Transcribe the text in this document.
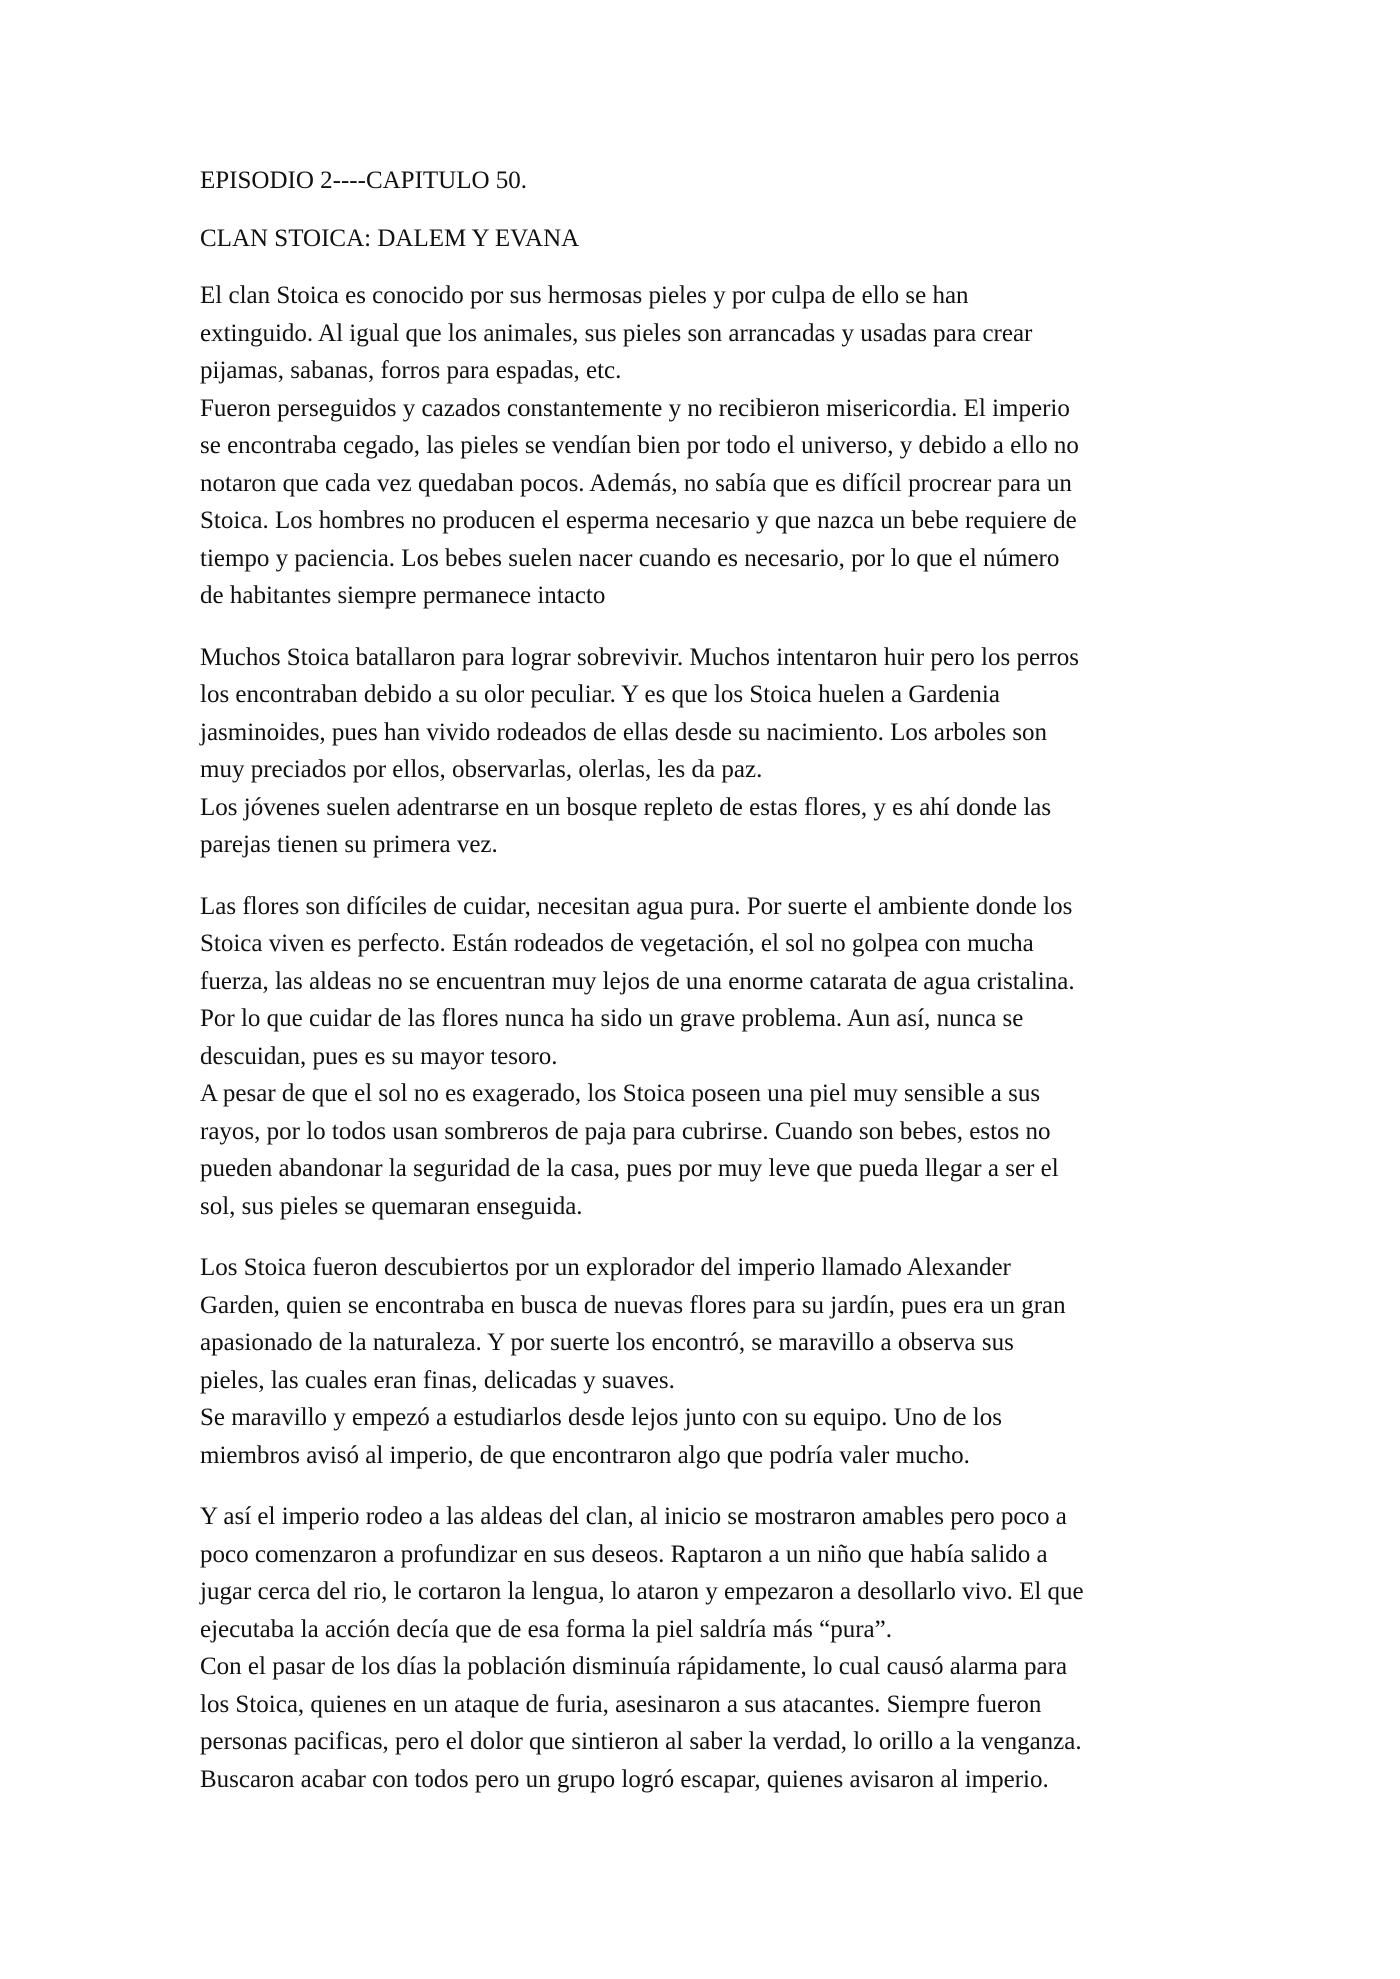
EPISODIO 2----CAPITULO 50.

CLAN STOICA: DALEM Y EVANA

El clan Stoica es conocido por sus hermosas pieles y por culpa de ello se han
extinguido. Al igual que los animales, sus pieles son arrancadas y usadas para crear
pijamas, sabanas, forros para espadas, etc.

Fueron perseguidos y cazados constantemente y no recibieron misericordia. El imperio
se encontraba cegado, las pieles se vendían bien por todo el universo, y debido a ello no
notaron que cada vez quedaban pocos. Además, no sabía que es difícil procrear para un
Stoica. Los hombres no producen el esperma necesario y que nazca un bebe requiere de
tiempo y paciencia. Los bebes suelen nacer cuando es necesario, por lo que el número
de habitantes siempre permanece intacto

Muchos Stoica batallaron para lograr sobrevivir. Muchos intentaron huir pero los perros
los encontraban debido a su olor peculiar. Y es que los Stoica huelen a Gardenia
jasminoides, pues han vivido rodeados de ellas desde su nacimiento. Los arboles son
muy preciados por ellos, observarlas, olerlas, les da paz.

Los jóvenes suelen adentrarse en un bosque repleto de estas flores, y es ahí donde las
parejas tienen su primera vez.

Las flores son difíciles de cuidar, necesitan agua pura. Por suerte el ambiente donde los
Stoica viven es perfecto. Están rodeados de vegetación, el sol no golpea con mucha
fuerza, las aldeas no se encuentran muy lejos de una enorme catarata de agua cristalina.
Por lo que cuidar de las flores nunca ha sido un grave problema. Aun así, nunca se
descuidan, pues es su mayor tesoro.

A pesar de que el sol no es exagerado, los Stoica poseen una piel muy sensible a sus
rayos, por lo todos usan sombreros de paja para cubrirse. Cuando son bebes, estos no
pueden abandonar la seguridad de la casa, pues por muy leve que pueda llegar a ser el
sol, sus pieles se quemaran enseguida.

Los Stoica fueron descubiertos por un explorador del imperio llamado Alexander
Garden, quien se encontraba en busca de nuevas flores para su jardín, pues era un gran
apasionado de la naturaleza. Y por suerte los encontró, se maravillo a observa sus
pieles, las cuales eran finas, delicadas y suaves.

Se maravillo y empezó a estudiarlos desde lejos junto con su equipo. Uno de los
miembros avisó al imperio, de que encontraron algo que podría valer mucho.

Y así el imperio rodeo a las aldeas del clan, al inicio se mostraron amables pero poco a
poco comenzaron a profundizar en sus deseos. Raptaron a un niño que había salido a
jugar cerca del rio, le cortaron la lengua, lo ataron y empezaron a desollarlo vivo. El que
ejecutaba la acción decía que de esa forma la piel saldría más “pura”.

Con el pasar de los días la población disminuía rápidamente, lo cual causó alarma para
los Stoica, quienes en un ataque de furia, asesinaron a sus atacantes. Siempre fueron
personas pacificas, pero el dolor que sintieron al saber la verdad, lo orillo a la venganza.
Buscaron acabar con todos pero un grupo logró escapar, quienes avisaron al imperio.
